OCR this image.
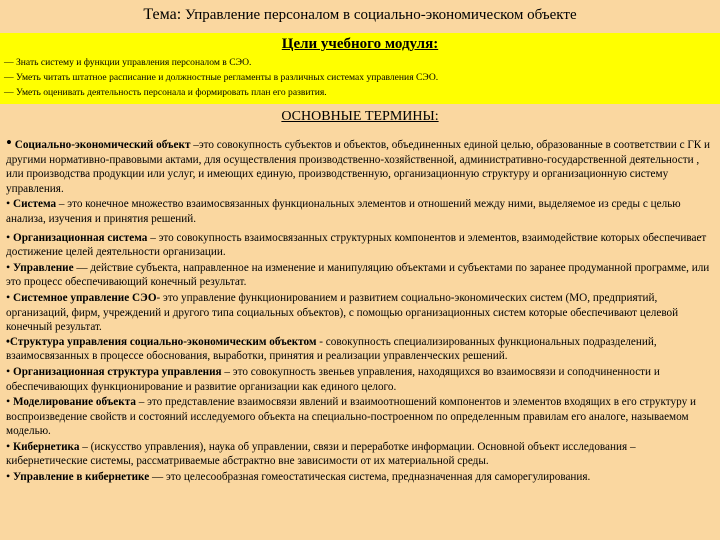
Тема: Управление персоналом в социально-экономическом объекте
Цели учебного модуля:
— Знать систему и функции управления персоналом в СЭО.
— Уметь читать штатное расписание и должностные регламенты в различных системах управления СЭО.
— Уметь оценивать деятельность персонала и формировать план его развития.
ОСНОВНЫЕ ТЕРМИНЫ:

• Социально-экономический объект –это совокупность субъектов и объектов, объединенных единой целью, образованные в соответствии с ГК и другими нормативно-правовыми актами, для осуществления производственно-хозяйственной, административно-государственной деятельности , или производства продукции или услуг, и имеющих единую, производственную, организационную структуру и организационную систему управления.

• Система – это конечное множество взаимосвязанных функциональных элементов и отношений между ними, выделяемое из среды с целью анализа, изучения и принятия решений.

• Организационная система – это совокупность взаимосвязанных структурных компонентов и элементов, взаимодействие которых обеспечивает достижение целей деятельности организации.

• Управление — действие субъекта, направленное на изменение и манипуляцию объектами и субъектами по заранее продуманной программе, или это процесс обеспечивающий конечный результат.

• Системное управление СЭО- это управление функционированием и развитием социально-экономических систем (МО, предприятий, организаций, фирм, учреждений и другого типа социальных объектов), с помощью организационных систем которые обеспечивают целевой конечный результат.

•Структура управления социально-экономическим объектом - совокупность специализированных функциональных подразделений, взаимосвязанных в процессе обоснования, выработки, принятия и реализации управленческих решений.

• Организационная структура управления – это совокупность звеньев управления, находящихся во взаимосвязи и соподчиненности и обеспечивающих функционирование и развитие организации как единого целого.

• Моделирование объекта – это представление взаимосвязи явлений и взаимоотношений компонентов и элементов входящих в его структуру и воспроизведение свойств и состояний исследуемого объекта на специально-построенном по определенным правилам его аналоге, называемом моделью.

• Кибернетика – (искусство управления), наука об управлении, связи и переработке информации. Основной объект исследования –кибернетические системы, рассматриваемые абстрактно вне зависимости от их материальной среды.

• Управление в кибернетике — это целесообразная гомеостатическая система, предназначенная для саморегулирования.
